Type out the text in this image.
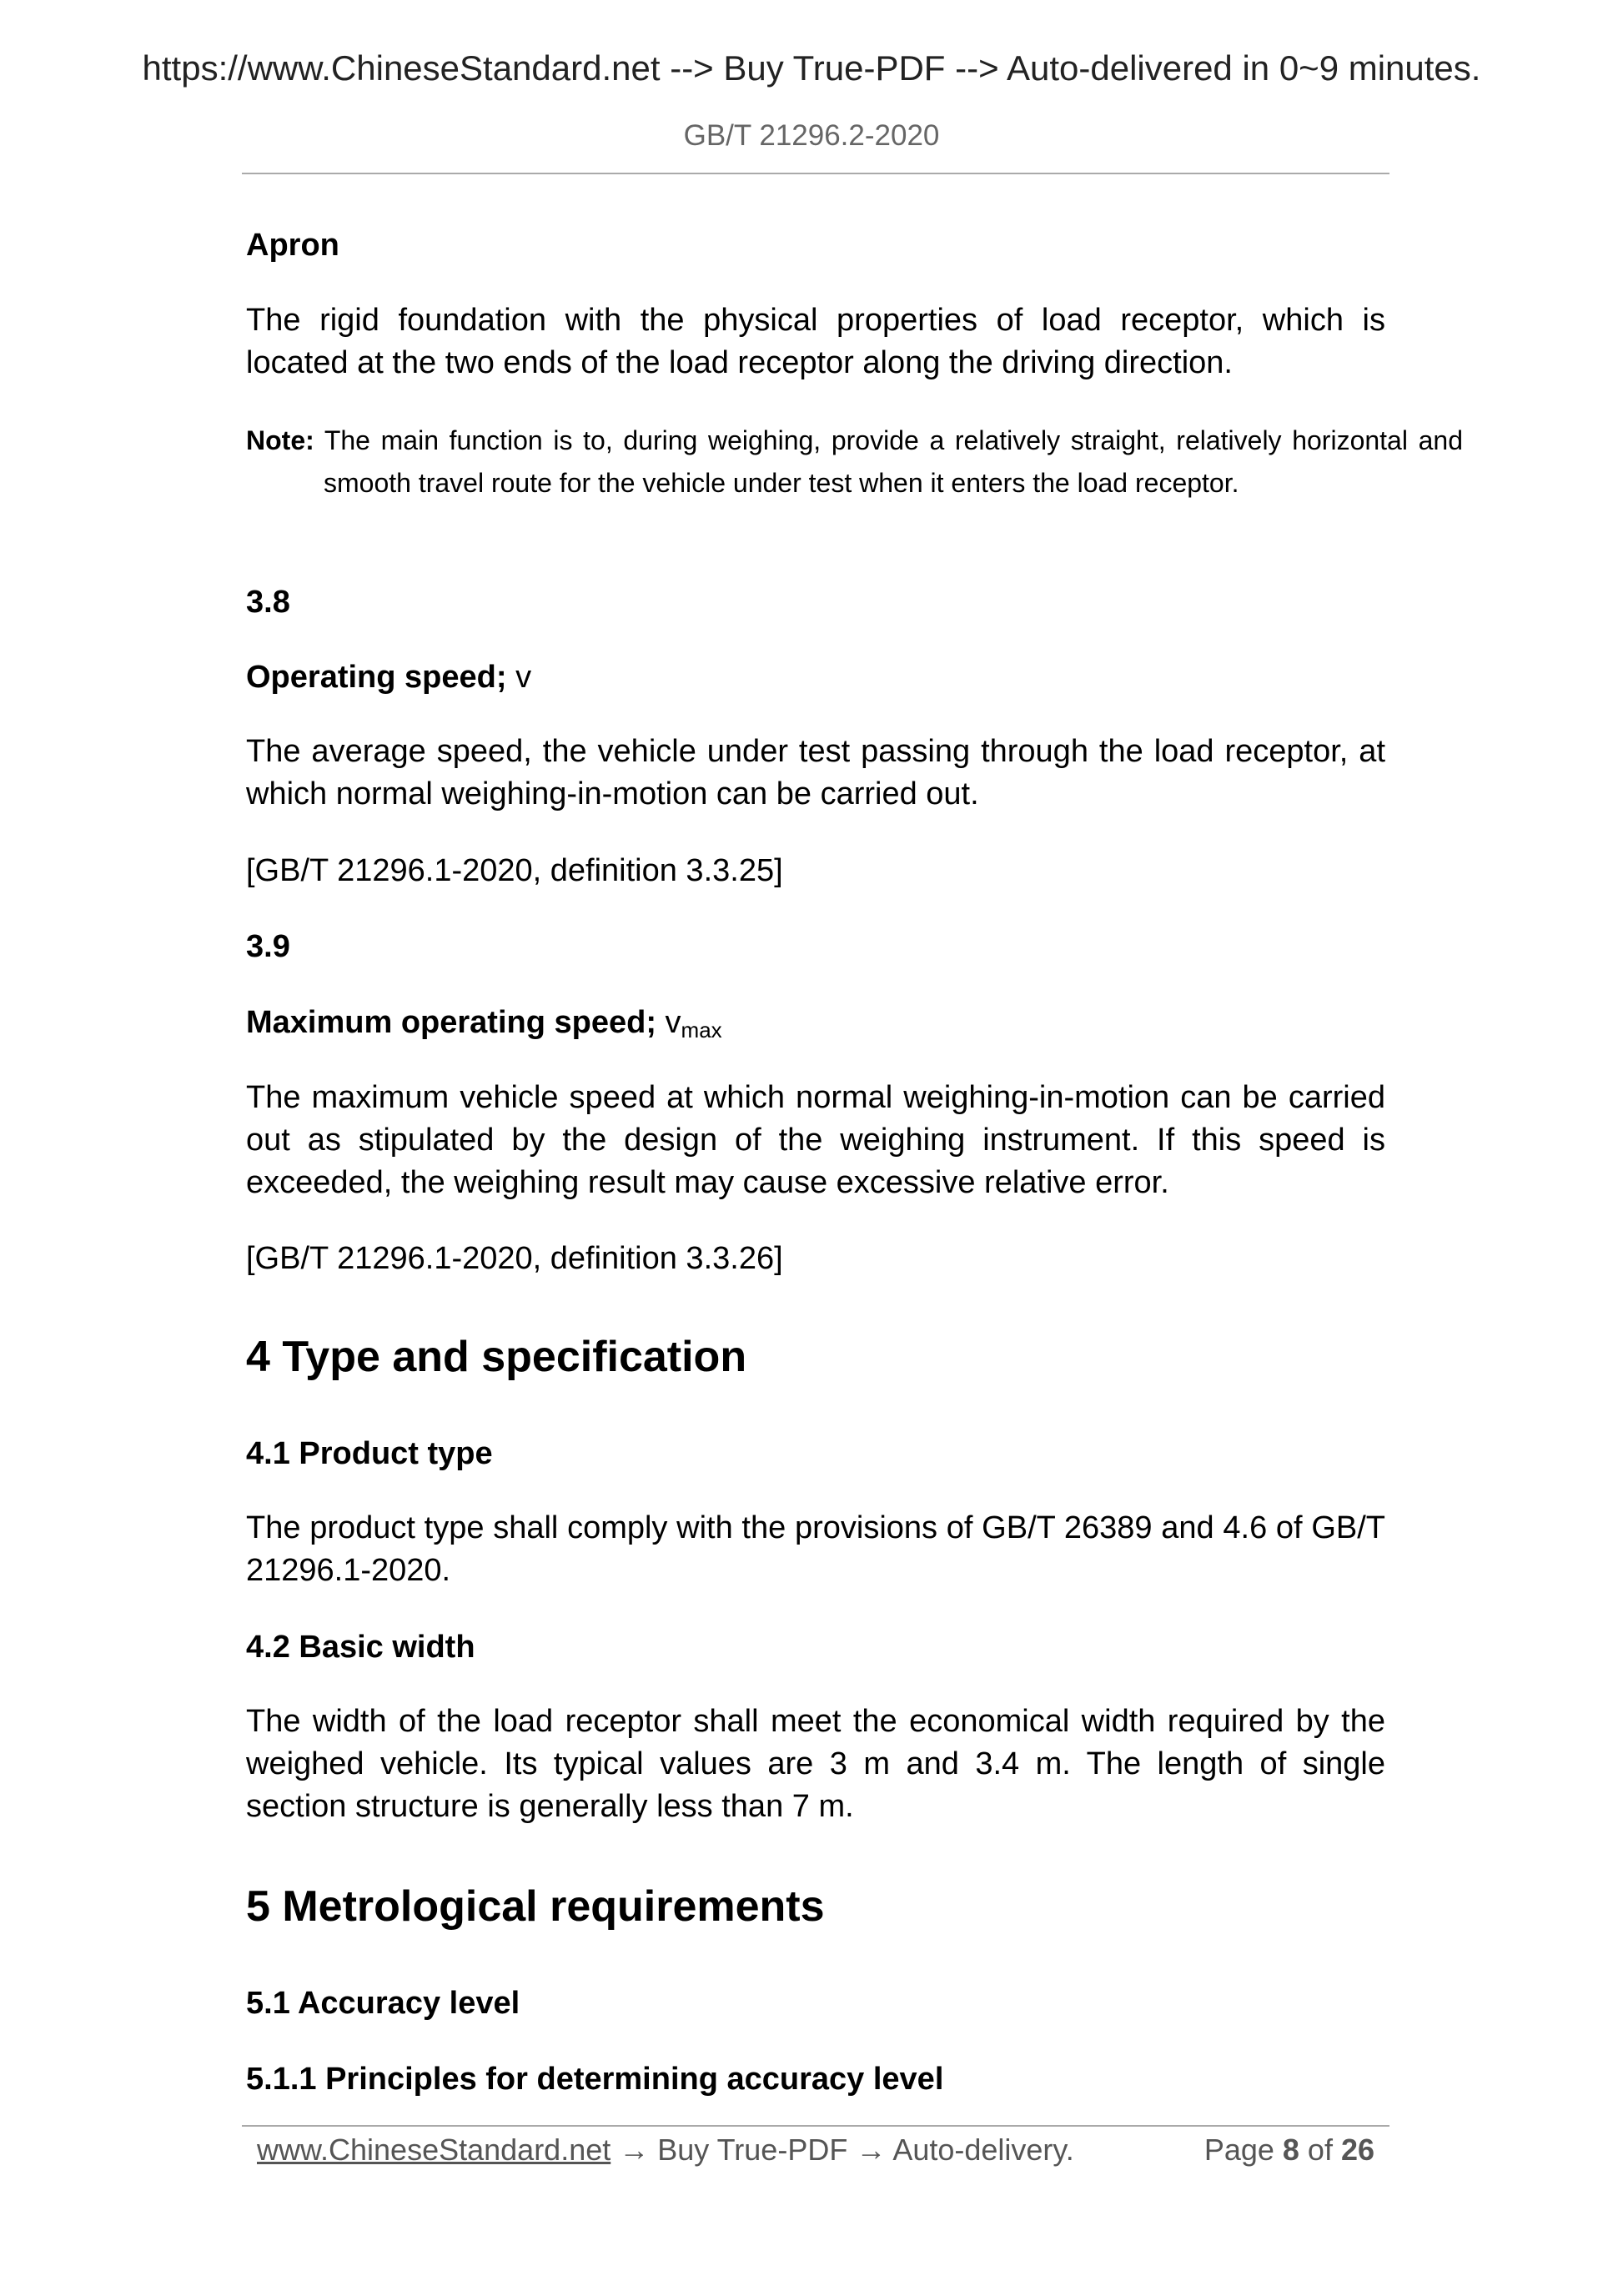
https://www.ChineseStandard.net --> Buy True-PDF --> Auto-delivered in 0~9 minutes.
GB/T 21296.2-2020
Apron

The rigid foundation with the physical properties of load receptor, which is located at the two ends of the load receptor along the driving direction.

Note: The main function is to, during weighing, provide a relatively straight, relatively horizontal and smooth travel route for the vehicle under test when it enters the load receptor.

3.8
Operating speed; v

The average speed, the vehicle under test passing through the load receptor, at which normal weighing-in-motion can be carried out.

[GB/T 21296.1-2020, definition 3.3.25]
3.9
Maximum operating speed; vmax

The maximum vehicle speed at which normal weighing-in-motion can be carried out as stipulated by the design of the weighing instrument. If this speed is exceeded, the weighing result may cause excessive relative error.

[GB/T 21296.1-2020, definition 3.3.26]
4 Type and specification
4.1 Product type

The product type shall comply with the provisions of GB/T 26389 and 4.6 of GB/T 21296.1-2020.

4.2 Basic width

The width of the load receptor shall meet the economical width required by the weighed vehicle. Its typical values are 3 m and 3.4 m. The length of single section structure is generally less than 7 m.

5 Metrological requirements
5.1 Accuracy level
5.1.1 Principles for determining accuracy level
www.ChineseStandard.net → Buy True-PDF → Auto-delivery.	Page 8 of 26
